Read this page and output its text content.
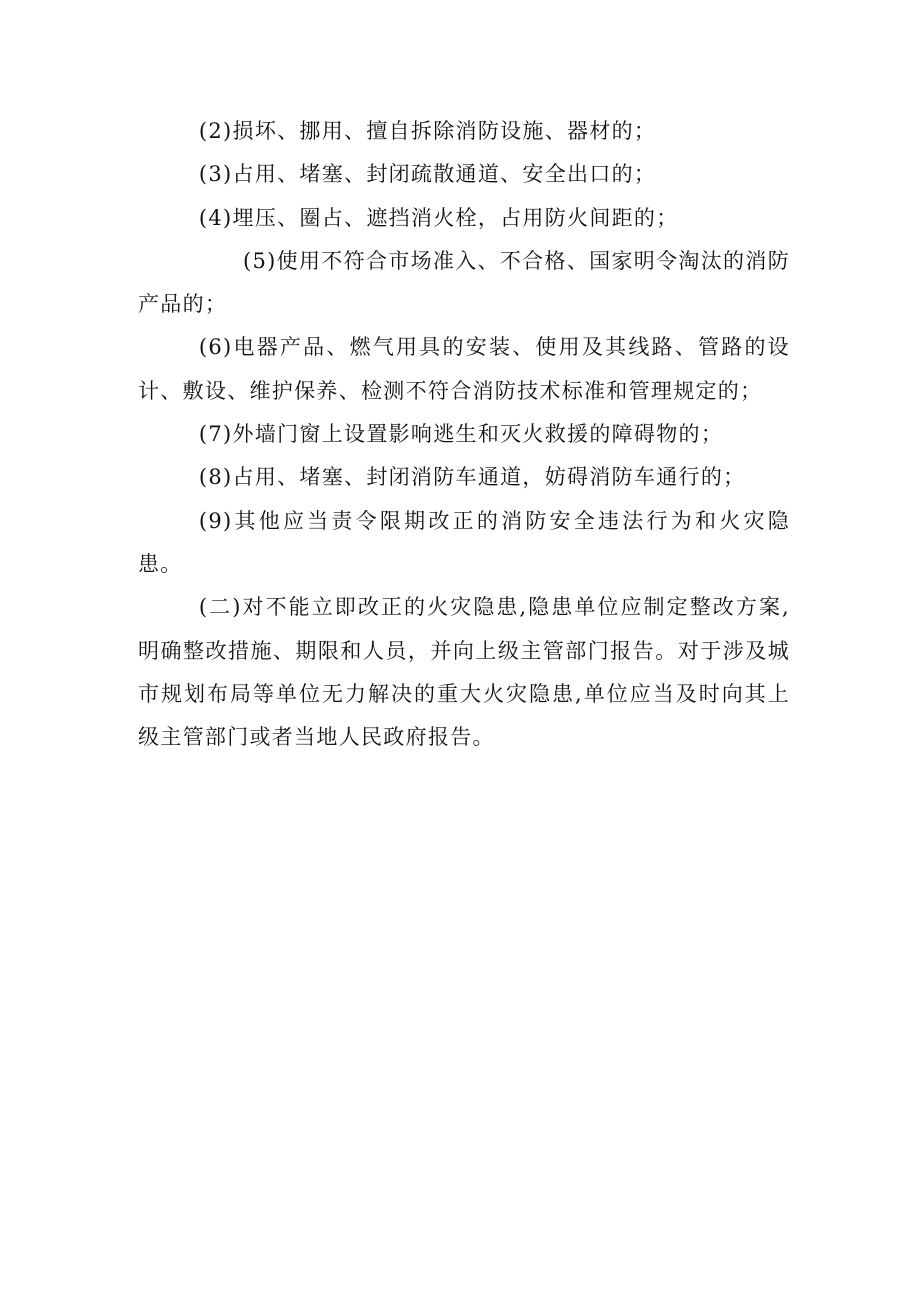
(2)损坏、挪用、擅自拆除消防设施、器材的；

(3)占用、堵塞、封闭疏散通道、安全出口的；

(4)埋压、圈占、遮挡消火栓，占用防火间距的；

(5)使用不符合市场准入、不合格、国家明令淘汰的消防产品的；

(6)电器产品、燃气用具的安装、使用及其线路、管路的设计、敷设、维护保养、检测不符合消防技术标准和管理规定的；

(7)外墙门窗上设置影响逃生和灭火救援的障碍物的；

(8)占用、堵塞、封闭消防车通道，妨碍消防车通行的；

(9)其他应当责令限期改正的消防安全违法行为和火灾隐患。

(二)对不能立即改正的火灾隐患,隐患单位应制定整改方案,明确整改措施、期限和人员，并向上级主管部门报告。对于涉及城市规划布局等单位无力解决的重大火灾隐患,单位应当及时向其上级主管部门或者当地人民政府报告。
